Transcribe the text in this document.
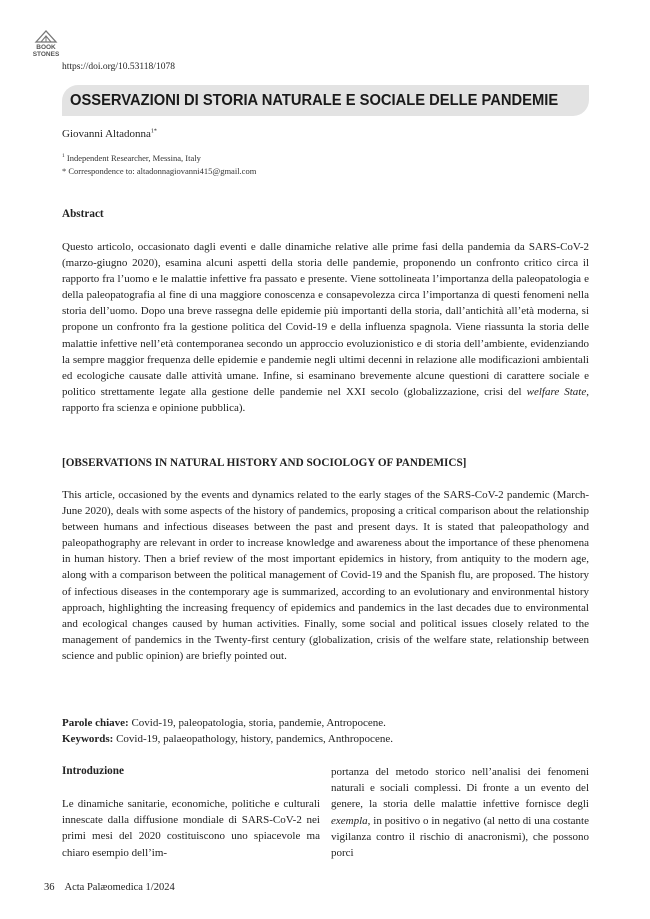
BOOK
STONES
https://doi.org/10.53118/1078
OSSERVAZIONI DI STORIA NATURALE E SOCIALE DELLE PANDEMIE
Giovanni Altadonna$^{1*}$
$^1$ Independent Researcher, Messina, Italy
* Correspondence to: altadonnagiovanni415@gmail.com
Abstract
Questo articolo, occasionato dagli eventi e dalle dinamiche relative alle prime fasi della pandemia da SARS-CoV-2 (marzo-giugno 2020), esamina alcuni aspetti della storia delle pandemie, proponendo un confronto critico circa il rapporto fra l’uomo e le malattie infettive fra passato e presente. Viene sottolineata l’importanza della paleopatologia e della paleopatografia al fine di una maggiore conoscenza e consapevolezza circa l’importanza di questi fenomeni nella storia dell’uomo. Dopo una breve rassegna delle epidemie più importanti della storia, dall’antichità all’età moderna, si propone un confronto fra la gestione politica del Covid-19 e della influenza spagnola. Viene riassunta la storia delle malattie infettive nell’età contemporanea secondo un approccio evoluzionistico e di storia dell’ambiente, evidenziando la sempre maggior frequenza delle epidemie e pandemie negli ultimi decenni in relazione alle modificazioni ambientali ed ecologiche causate dalle attività umane. Infine, si esaminano brevemente alcune questioni di carattere sociale e politico strettamente legate alla gestione delle pandemie nel XXI secolo (globalizzazione, crisi del welfare State, rapporto fra scienza e opinione pubblica).
[OBSERVATIONS IN NATURAL HISTORY AND SOCIOLOGY OF PANDEMICS]
This article, occasioned by the events and dynamics related to the early stages of the SARS-CoV-2 pandemic (March-June 2020), deals with some aspects of the history of pandemics, proposing a critical comparison about the relationship between humans and infectious diseases between the past and present days. It is stated that paleopathology and paleopathography are relevant in order to increase knowledge and awareness about the importance of these phenomena in human history. Then a brief review of the most important epidemics in history, from antiquity to the modern age, along with a comparison between the political management of Covid-19 and the Spanish flu, are proposed. The history of infectious diseases in the contemporary age is summarized, according to an evolutionary and environmental history approach, highlighting the increasing frequency of epidemics and pandemics in the last decades due to environmental and ecological changes caused by human activities. Finally, some social and political issues closely related to the management of pandemics in the Twenty-first century (globalization, crisis of the welfare state, relationship between science and public opinion) are briefly pointed out.
Parole chiave: Covid-19, paleopatologia, storia, pandemie, Antropocene.
Keywords: Covid-19, palaeopathology, history, pandemics, Anthropocene.
Introduzione
Le dinamiche sanitarie, economiche, politiche e culturali innescate dalla diffusione mondiale di SARS-CoV-2 nei primi mesi del 2020 costituiscono uno spiacevole ma chiaro esempio dell’im-
portanza del metodo storico nell’analisi dei fenomeni naturali e sociali complessi. Di fronte a un evento del genere, la storia delle malattie infettive fornisce degli exempla, in positivo o in negativo (al netto di una costante vigilanza contro il rischio di anacronismi), che possono porci
36 Acta Palæomedica 1/2024
